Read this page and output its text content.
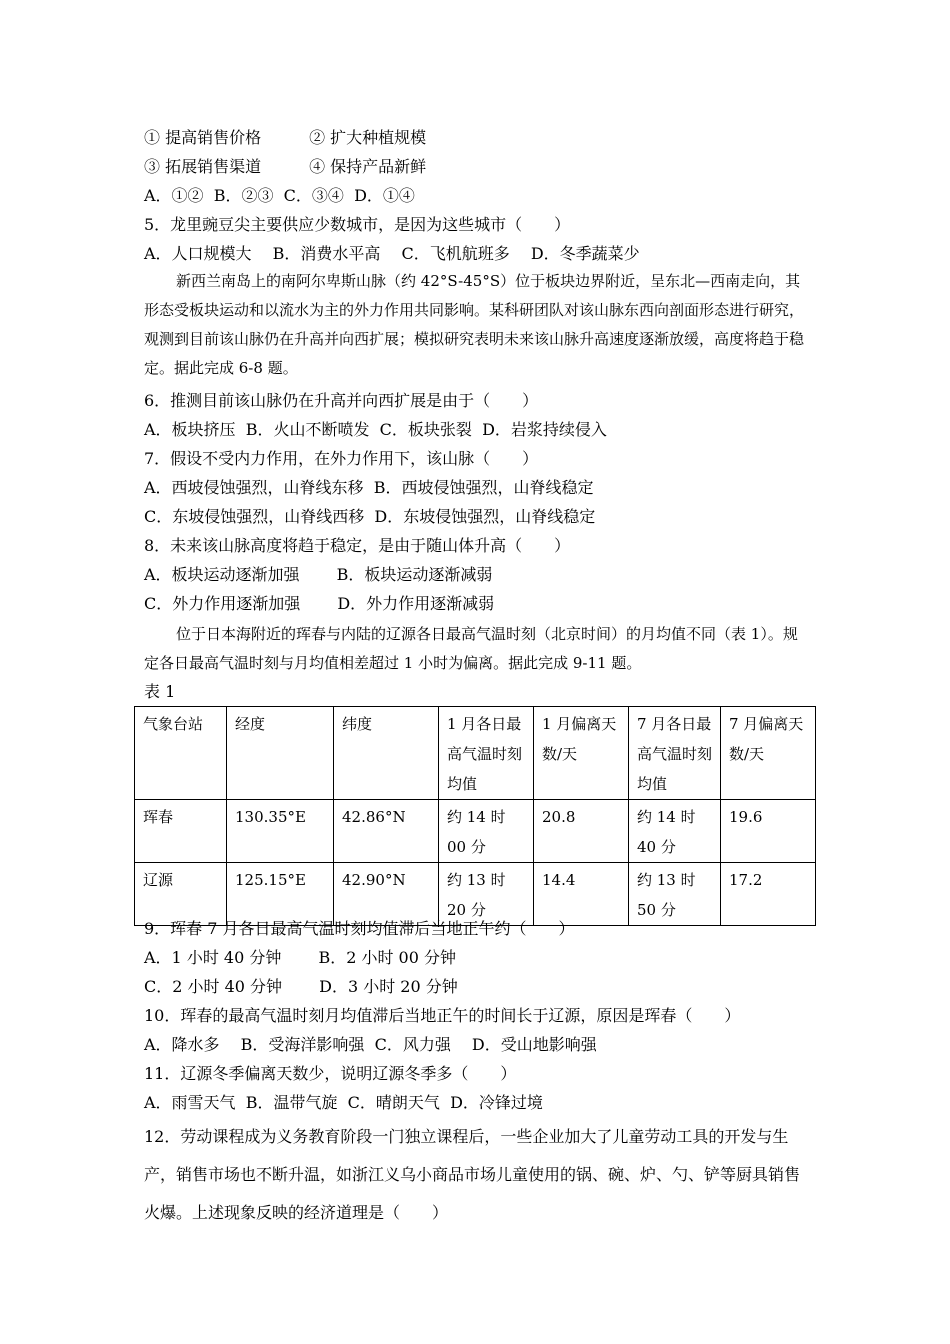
① 提高销售价格　　　② 扩大种植规模
③ 拓展销售渠道　　　④ 保持产品新鲜
A．①②  B．②③  C．③④  D．①④
5．龙里豌豆尖主要供应少数城市，是因为这些城市（　　）
A．人口规模大　 B．消费水平高　 C．飞机航班多　 D．冬季蔬菜少
新西兰南岛上的南阿尔卑斯山脉（约 42°S-45°S）位于板块边界附近，呈东北—西南走向，其形态受板块运动和以流水为主的外力作用共同影响。某科研团队对该山脉东西向剖面形态进行研究，观测到目前该山脉仍在升高并向西扩展；模拟研究表明未来该山脉升高速度逐渐放缓，高度将趋于稳定。据此完成 6-8 题。
6．推测目前该山脉仍在升高并向西扩展是由于（　　）
A．板块挤压  B．火山不断喷发  C．板块张裂  D．岩浆持续侵入
7．假设不受内力作用，在外力作用下，该山脉（　　）
A．西坡侵蚀强烈，山脊线东移  B．西坡侵蚀强烈，山脊线稳定
C．东坡侵蚀强烈，山脊线西移  D．东坡侵蚀强烈，山脊线稳定
8．未来该山脉高度将趋于稳定，是由于随山体升高（　　）
A．板块运动逐渐加强　　 B．板块运动逐渐减弱
C．外力作用逐渐加强　　 D．外力作用逐渐减弱
位于日本海附近的珲春与内陆的辽源各日最高气温时刻（北京时间）的月均值不同（表 1）。规定各日最高气温时刻与月均值相差超过 1 小时为偏离。据此完成 9-11 题。
表 1
气象台站	经度	纬度	1 月各日最高气温时刻均值	1 月偏离天数/天	7 月各日最高气温时刻均值	7 月偏离天数/天
珲春	130.35°E	42.86°N	约 14 时 00 分	20.8	约 14 时 40 分	19.6
辽源	125.15°E	42.90°N	约 13 时 20 分	14.4	约 13 时 50 分	17.2
9．珲春 7 月各日最高气温时刻均值滞后当地正午约（　　）
A．1 小时 40 分钟　　 B．2 小时 00 分钟
C．2 小时 40 分钟　　 D．3 小时 20 分钟
10．珲春的最高气温时刻月均值滞后当地正午的时间长于辽源，原因是珲春（　　）
A．降水多　 B．受海洋影响强  C．风力强　 D．受山地影响强
11．辽源冬季偏离天数少，说明辽源冬季多（　　）
A．雨雪天气  B．温带气旋  C．晴朗天气  D．冷锋过境
12．劳动课程成为义务教育阶段一门独立课程后，一些企业加大了儿童劳动工具的开发与生产，销售市场也不断升温，如浙江义乌小商品市场儿童使用的锅、碗、炉、勺、铲等厨具销售火爆。上述现象反映的经济道理是（　　）
